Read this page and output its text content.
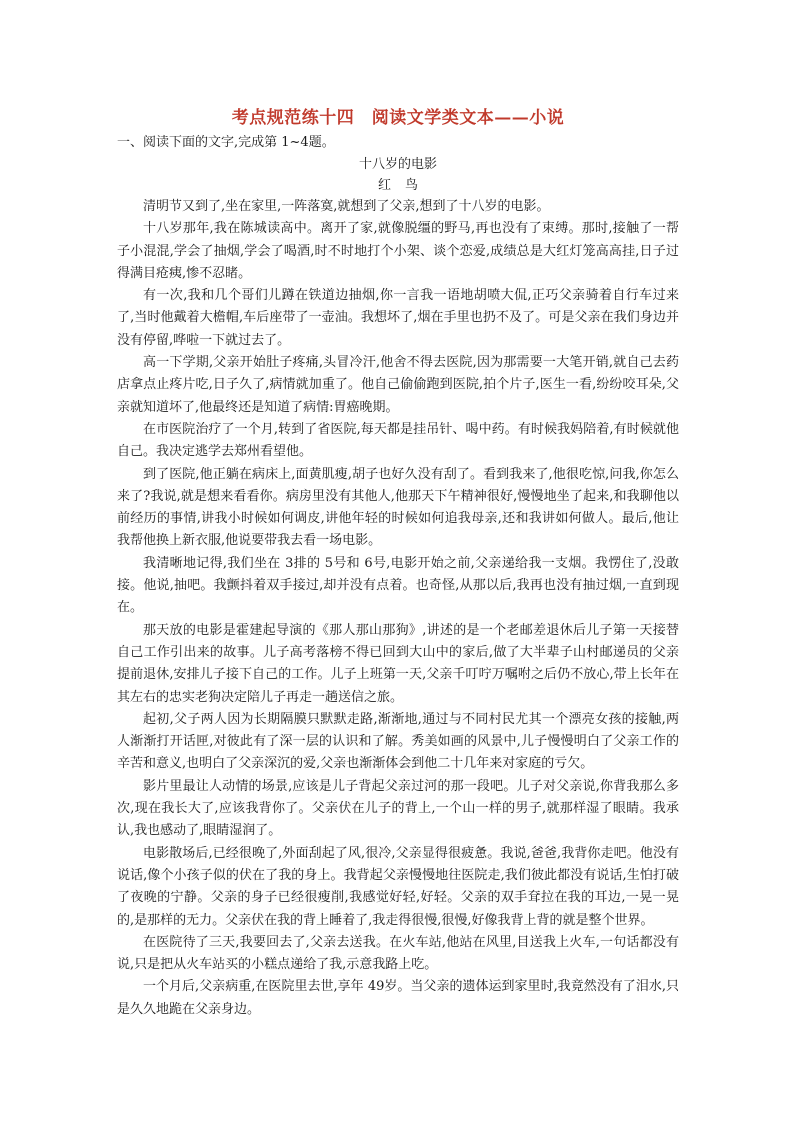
考点规范练十四　阅读文学类文本——小说

一、阅读下面的文字,完成第 1~4题。

十八岁的电影

红鸟

清明节又到了,坐在家里,一阵落寞,就想到了父亲,想到了十八岁的电影。

十八岁那年,我在陈城读高中。离开了家,就像脱缰的野马,再也没有了束缚。那时,接触了一帮子小混混,学会了抽烟,学会了喝酒,时不时地打个小架、谈个恋爱,成绩总是大红灯笼高高挂,日子过得满目疮痍,惨不忍睹。

有一次,我和几个哥们儿蹲在铁道边抽烟,你一言我一语地胡喷大侃,正巧父亲骑着自行车过来了,当时他戴着大檐帽,车后座带了一壶油。我想坏了,烟在手里也扔不及了。可是父亲在我们身边并没有停留,哗啦一下就过去了。

高一下学期,父亲开始肚子疼痛,头冒冷汗,他舍不得去医院,因为那需要一大笔开销,就自己去药店拿点止疼片吃,日子久了,病情就加重了。他自己偷偷跑到医院,拍个片子,医生一看,纷纷咬耳朵,父亲就知道坏了,他最终还是知道了病情:胃癌晚期。

在市医院治疗了一个月,转到了省医院,每天都是挂吊针、喝中药。有时候我妈陪着,有时候就他自己。我决定逃学去郑州看望他。

到了医院,他正躺在病床上,面黄肌瘦,胡子也好久没有刮了。看到我来了,他很吃惊,问我,你怎么来了?我说,就是想来看看你。病房里没有其他人,他那天下午精神很好,慢慢地坐了起来,和我聊他以前经历的事情,讲我小时候如何调皮,讲他年轻的时候如何追我母亲,还和我讲如何做人。最后,他让我帮他换上新衣服,他说要带我去看一场电影。

我清晰地记得,我们坐在 3排的 5号和 6号,电影开始之前,父亲递给我一支烟。我愣住了,没敢接。他说,抽吧。我颤抖着双手接过,却并没有点着。也奇怪,从那以后,我再也没有抽过烟,一直到现在。

那天放的电影是霍建起导演的《那人那山那狗》,讲述的是一个老邮差退休后儿子第一天接替自己工作引出来的故事。儿子高考落榜不得已回到大山中的家后,做了大半辈子山村邮递员的父亲提前退休,安排儿子接下自己的工作。儿子上班第一天,父亲千叮咛万嘱咐之后仍不放心,带上长年在其左右的忠实老狗决定陪儿子再走一趟送信之旅。

起初,父子两人因为长期隔膜只默默走路,渐渐地,通过与不同村民尤其一个漂亮女孩的接触,两人渐渐打开话匣,对彼此有了深一层的认识和了解。秀美如画的风景中,儿子慢慢明白了父亲工作的辛苦和意义,也明白了父亲深沉的爱,父亲也渐渐体会到他二十几年来对家庭的亏欠。

影片里最让人动情的场景,应该是儿子背起父亲过河的那一段吧。儿子对父亲说,你背我那么多次,现在我长大了,应该我背你了。父亲伏在儿子的背上,一个山一样的男子,就那样湿了眼睛。我承认,我也感动了,眼睛湿润了。

电影散场后,已经很晚了,外面刮起了风,很冷,父亲显得很疲惫。我说,爸爸,我背你走吧。他没有说话,像个小孩子似的伏在了我的身上。我背起父亲慢慢地往医院走,我们彼此都没有说话,生怕打破了夜晚的宁静。父亲的身子已经很瘦削,我感觉好轻,好轻。父亲的双手耷拉在我的耳边,一晃一晃的,是那样的无力。父亲伏在我的背上睡着了,我走得很慢,很慢,好像我背上背的就是整个世界。

在医院待了三天,我要回去了,父亲去送我。在火车站,他站在风里,目送我上火车,一句话都没有说,只是把从火车站买的小糕点递给了我,示意我路上吃。

一个月后,父亲病重,在医院里去世,享年 49岁。当父亲的遗体运到家里时,我竟然没有了泪水,只是久久地跪在父亲身边。
